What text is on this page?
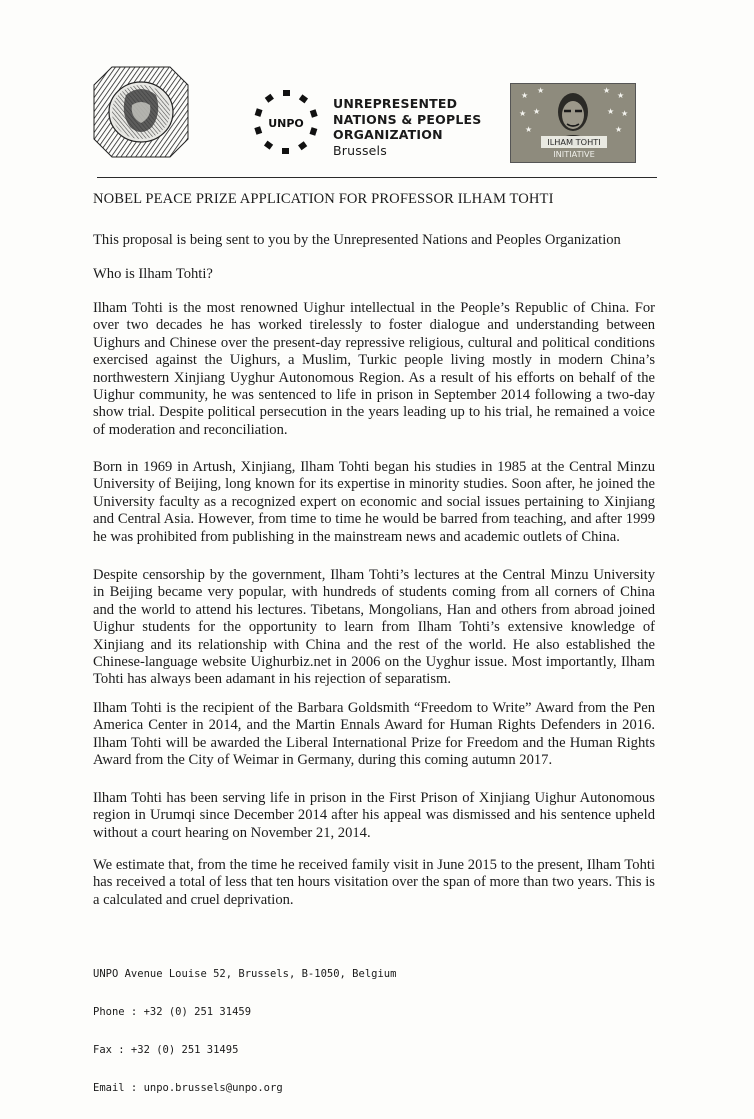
UNPO
UNREPRESENTED
NATIONS & PEOPLES
ORGANIZATION
Brussels
★
★
★ ★
★
★
★
★
★
★
ILHAM TOHTI
INITIATIVE

NOBEL PEACE PRIZE APPLICATION FOR PROFESSOR ILHAM TOHTI

This proposal is being sent to you by the Unrepresented Nations and Peoples Organization

Who is Ilham Tohti?

Ilham Tohti is the most renowned Uighur intellectual in the People’s Republic of China. For over two decades he has worked tirelessly to foster dialogue and understanding between Uighurs and Chinese over the present-day repressive religious, cultural and political conditions exercised against the Uighurs, a Muslim, Turkic people living mostly in modern China’s northwestern Xinjiang Uyghur Autonomous Region. As a result of his efforts on behalf of the Uighur community, he was sentenced to life in prison in September 2014 following a two-day show trial. Despite political persecution in the years leading up to his trial, he remained a voice of moderation and reconciliation.

Born in 1969 in Artush, Xinjiang, Ilham Tohti began his studies in 1985 at the Central Minzu University of Beijing, long known for its expertise in minority studies. Soon after, he joined the University faculty as a recognized expert on economic and social issues pertaining to Xinjiang and Central Asia. However, from time to time he would be barred from teaching, and after 1999 he was prohibited from publishing in the mainstream news and academic outlets of China.

Despite censorship by the government, Ilham Tohti’s lectures at the Central Minzu University in Beijing became very popular, with hundreds of students coming from all corners of China and the world to attend his lectures. Tibetans, Mongolians, Han and others from abroad joined Uighur students for the opportunity to learn from Ilham Tohti’s extensive knowledge of Xinjiang and its relationship with China and the rest of the world. He also established the Chinese-language website Uighurbiz.net in 2006 on the Uyghur issue. Most importantly, Ilham Tohti has always been adamant in his rejection of separatism.

Ilham Tohti is the recipient of the Barbara Goldsmith “Freedom to Write” Award from the Pen America Center in 2014, and the Martin Ennals Award for Human Rights Defenders in 2016. Ilham Tohti will be awarded the Liberal International Prize for Freedom and the Human Rights Award from the City of Weimar in Germany, during this coming autumn 2017.

Ilham Tohti has been serving life in prison in the First Prison of Xinjiang Uighur Autonomous region in Urumqi since December 2014 after his appeal was dismissed and his sentence upheld without a court hearing on November 21, 2014.

We estimate that, from the time he received family visit in June 2015 to the present, Ilham Tohti has received a total of less that ten hours visitation over the span of more than two years. This is a calculated and cruel deprivation.

UNPO Avenue Louise 52, Brussels, B-1050, Belgium

Phone : +32 (0) 251 31459

Fax : +32 (0) 251 31495

Email : unpo.brussels@unpo.org
